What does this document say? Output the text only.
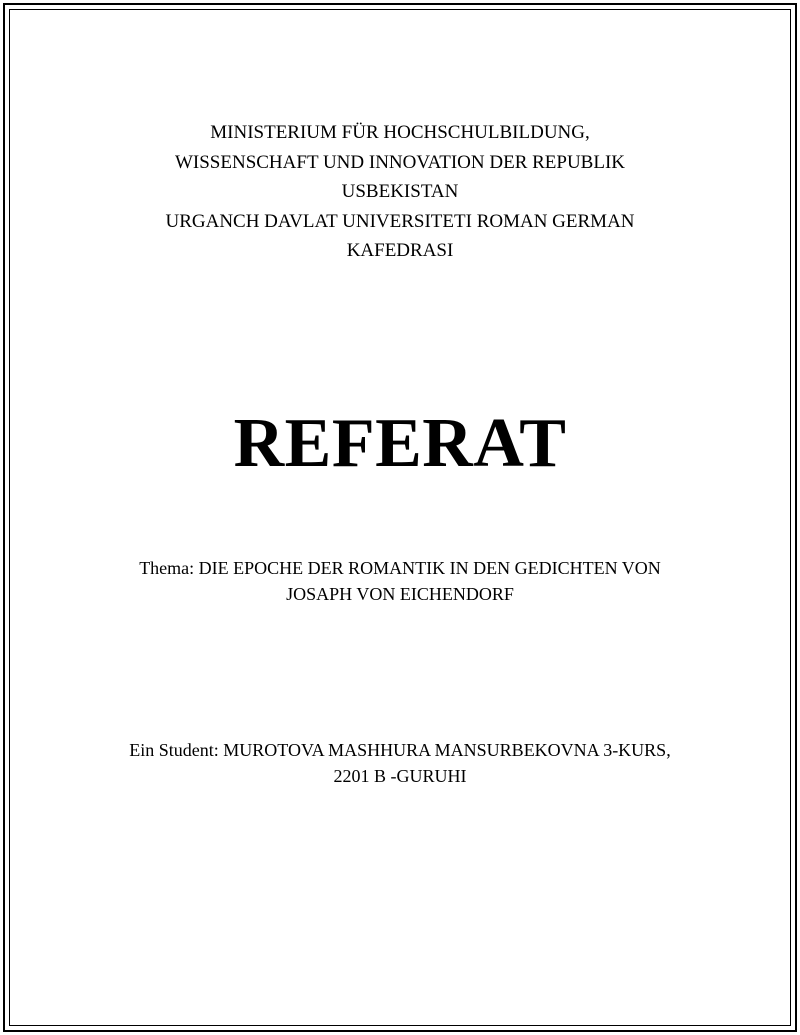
MINISTERIUM FÜR HOCHSCHULBILDUNG,
WISSENSCHAFT UND INNOVATION DER REPUBLIK
USBEKISTAN
URGANCH DAVLAT UNIVERSITETI ROMAN GERMAN
KAFEDRASI
REFERAT
Thema: DIE EPOCHE DER ROMANTIK IN DEN GEDICHTEN VON
JOSAPH VON EICHENDORF
Ein Student: MUROTOVA MASHHURA MANSURBEKOVNA 3-KURS,
2201 B -GURUHI
